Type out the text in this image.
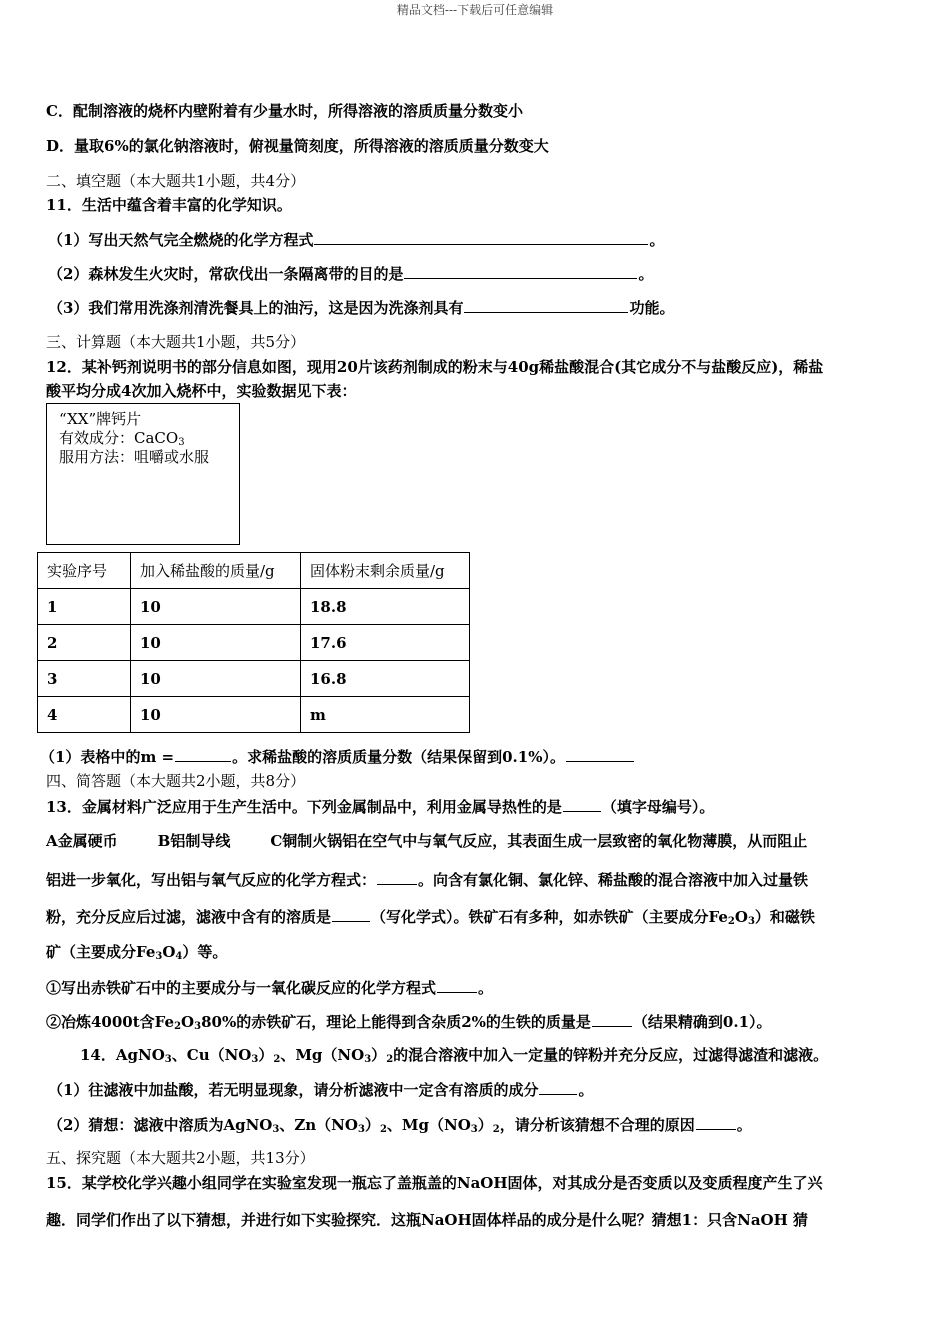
精品文档---下载后可任意编辑
C．配制溶液的烧杯内壁附着有少量水时，所得溶液的溶质质量分数变小
D．量取6%的氯化钠溶液时，俯视量筒刻度，所得溶液的溶质质量分数变大
二、填空题（本大题共1小题，共4分）
11．生活中蕴含着丰富的化学知识。
（1）写出天然气完全燃烧的化学方程式	。
（2）森林发生火灾时，常砍伐出一条隔离带的目的是	。
（3）我们常用洗涤剂清洗餐具上的油污，这是因为洗涤剂具有	功能。
三、计算题（本大题共1小题，共5分）
12．某补钙剂说明书的部分信息如图，现用20片该药剂制成的粉末与40g稀盐酸混合(其它成分不与盐酸反应)，稀盐
酸平均分成4次加入烧杯中，实验数据见下表：
“XX”牌钙片
有效成分：CaCO$_3$
服用方法：咀嚼或水服
实验序号	加入稀盐酸的质量/g	固体粉末剩余质量/g
1	10	18.8
2	10	17.6
3	10	16.8
4	10	m
（1）表格中的m =	。求稀盐酸的溶质质量分数（结果保留到0.1%）。
四、简答题（本大题共2小题，共8分）
13．金属材料广泛应用于生产生活中。下列金属制品中，利用金属导热性的是	（填字母编号）。
A金属硬币	B铝制导线	C铜制火锅铝在空气中与氧气反应，其表面生成一层致密的氧化物薄膜，从而阻止
铝进一步氧化，写出铝与氧气反应的化学方程式：	。向含有氯化铜、氯化锌、稀盐酸的混合溶液中加入过量铁
粉，充分反应后过滤，滤液中含有的溶质是	（写化学式）。铁矿石有多种，如赤铁矿（主要成分$Fe_2O_3$）和磁铁
矿（主要成分$Fe_3O_4$）等。
①写出赤铁矿石中的主要成分与一氧化碳反应的化学方程式	。
②冶炼4000t含$Fe_2O_380\%$的赤铁矿石，理论上能得到含杂质2%的生铁的质量是	（结果精确到0.1）。
14．AgNO$_3$、$Cu(NO_3)_2$、$Mg(NO_3)_2$的混合溶液中加入一定量的锌粉并充分反应，过滤得滤渣和滤液。
（1）往滤液中加盐酸，若无明显现象，请分析滤液中一定含有溶质的成分	。
（2）猜想：滤液中溶质为AgNO$_3$、$Zn(NO_3)_2$、$Mg(NO_3)_2$，请分析该猜想不合理的原因	。
五、探究题（本大题共2小题，共13分）
15．某学校化学兴趣小组同学在实验室发现一瓶忘了盖瓶盖的NaOH固体，对其成分是否变质以及变质程度产生了兴
趣．同学们作出了以下猜想，并进行如下实验探究．这瓶NaOH固体样品的成分是什么呢？猜想1：只含NaOH 猜
